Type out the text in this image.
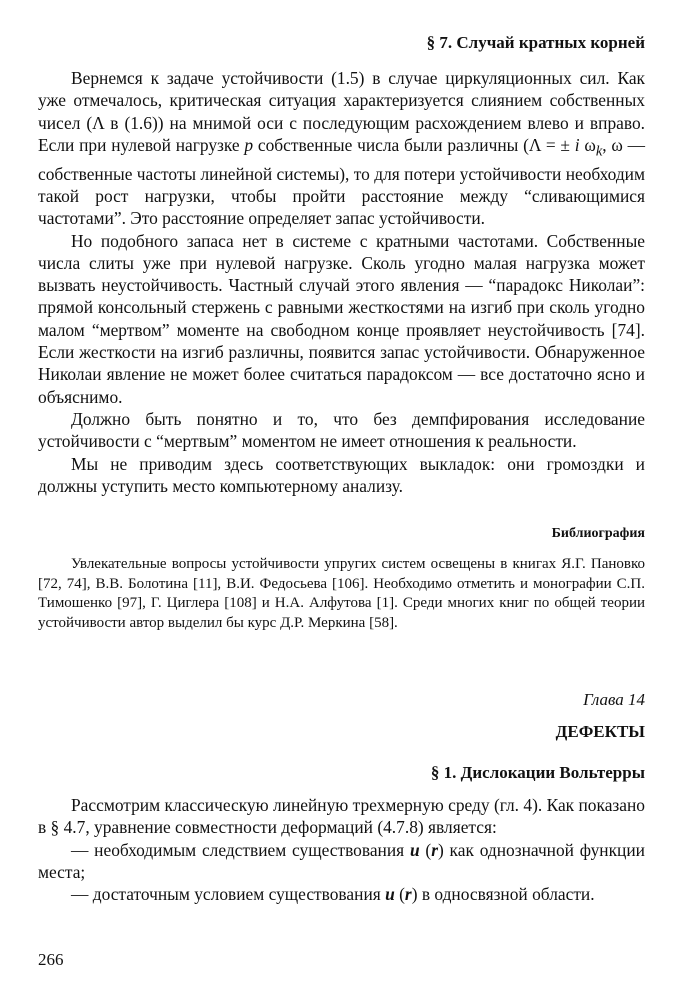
§ 7. Случай кратных корней

Вернемся к задаче устойчивости (1.5) в случае циркуляционных сил. Как уже отмечалось, критическая ситуация характеризуется слиянием собственных чисел (Λ в (1.6)) на мнимой оси с последующим расхождением влево и вправо. Если при нулевой нагрузке p собственные числа были различны (Λ = ± i $\omega_k$, ω — собственные частоты линейной системы), то для потери устойчивости необходим такой рост нагрузки, чтобы пройти расстояние между “сливающимися частотами”. Это расстояние определяет запас устойчивости.

Но подобного запаса нет в системе с кратными частотами. Собственные числа слиты уже при нулевой нагрузке. Сколь угодно малая нагрузка может вызвать неустойчивость. Частный случай этого явления — “парадокс Николаи”: прямой консольный стержень с равными жесткостями на изгиб при сколь угодно малом “мертвом” моменте на свободном конце проявляет неустойчивость [74]. Если жесткости на изгиб различны, появится запас устойчивости. Обнаруженное Николаи явление не может более считаться парадоксом — все достаточно ясно и объяснимо.

Должно быть понятно и то, что без демпфирования исследование устойчивости с “мертвым” моментом не имеет отношения к реальности.

Мы не приводим здесь соответствующих выкладок: они громоздки и должны уступить место компьютерному анализу.

Библиография

Увлекательные вопросы устойчивости упругих систем освещены в книгах Я.Г. Пановко [72, 74], В.В. Болотина [11], В.И. Федосьева [106]. Необходимо отметить и монографии С.П. Тимошенко [97], Г. Циглера [108] и Н.А. Алфутова [1]. Среди многих книг по общей теории устойчивости автор выделил бы курс Д.Р. Меркина [58].

Глава 14
ДЕФЕКТЫ
§ 1. Дислокации Вольтерры

Рассмотрим классическую линейную трехмерную среду (гл. 4). Как показано в § 4.7, уравнение совместности деформаций (4.7.8) является:

— необходимым следствием существования u (r) как однозначной функции места;

— достаточным условием существования u (r) в односвязной области.

266
